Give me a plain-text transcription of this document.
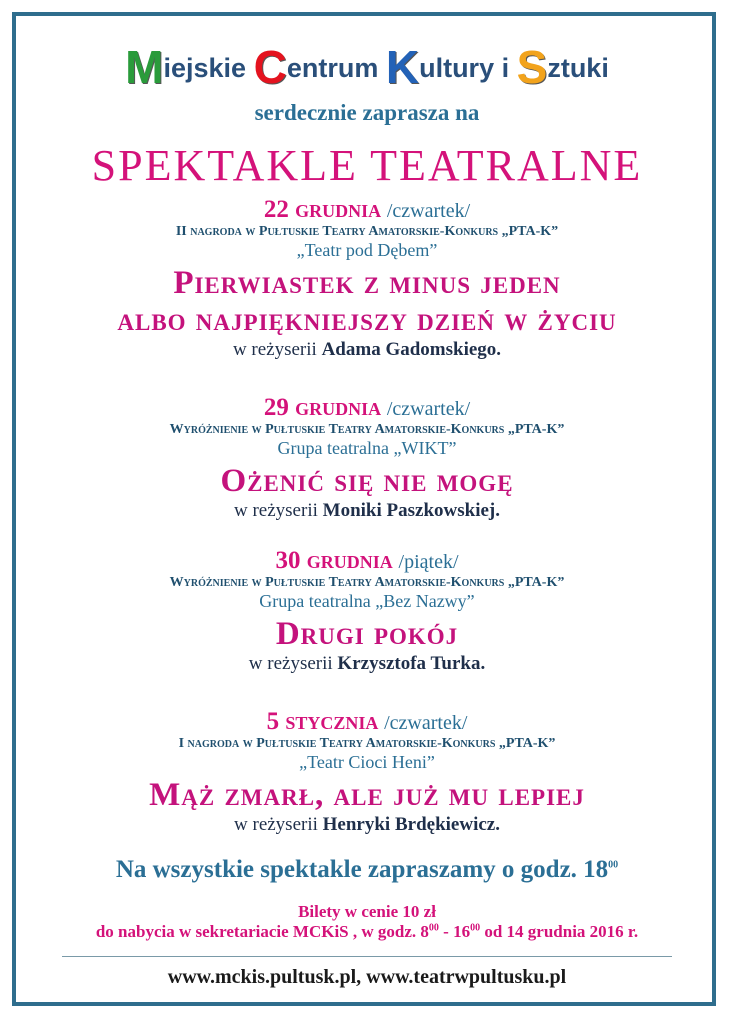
Miejskie Centrum Kultury i Sztuki
serdecznie zaprasza na
SPEKTAKLE TEATRALNE
22 grudnia /czwartek/
II nagroda w Pułtuskie Teatry Amatorskie-Konkurs „PTA-K”
„Teatr pod Dębem”
Pierwiastek z minus jeden
albo najpiękniejszy dzień w życiu
w reżyserii Adama Gadomskiego.
29 grudnia /czwartek/
Wyróżnienie w Pułtuskie Teatry Amatorskie-Konkurs „PTA-K”
Grupa teatralna „WIKT”
Ożenić się nie mogę
w reżyserii Moniki Paszkowskiej.
30 grudnia /piątek/
Wyróżnienie w Pułtuskie Teatry Amatorskie-Konkurs „PTA-K”
Grupa teatralna „Bez Nazwy”
Drugi pokój
w reżyserii Krzysztofa Turka.
5 stycznia /czwartek/
I nagroda w Pułtuskie Teatry Amatorskie-Konkurs „PTA-K”
„Teatr Cioci Heni”
Mąż zmarł, ale już mu lepiej
w reżyserii Henryki Brdękiewicz.
Na wszystkie spektakle zapraszamy o godz. $18^{00}$
Bilety w cenie 10 zł
do nabycia w sekretariacie MCKiS , w godz. $8^{00} - 16^{00}$ od 14 grudnia 2016 r.
www.mckis.pultusk.pl, www.teatrwpultusku.pl
